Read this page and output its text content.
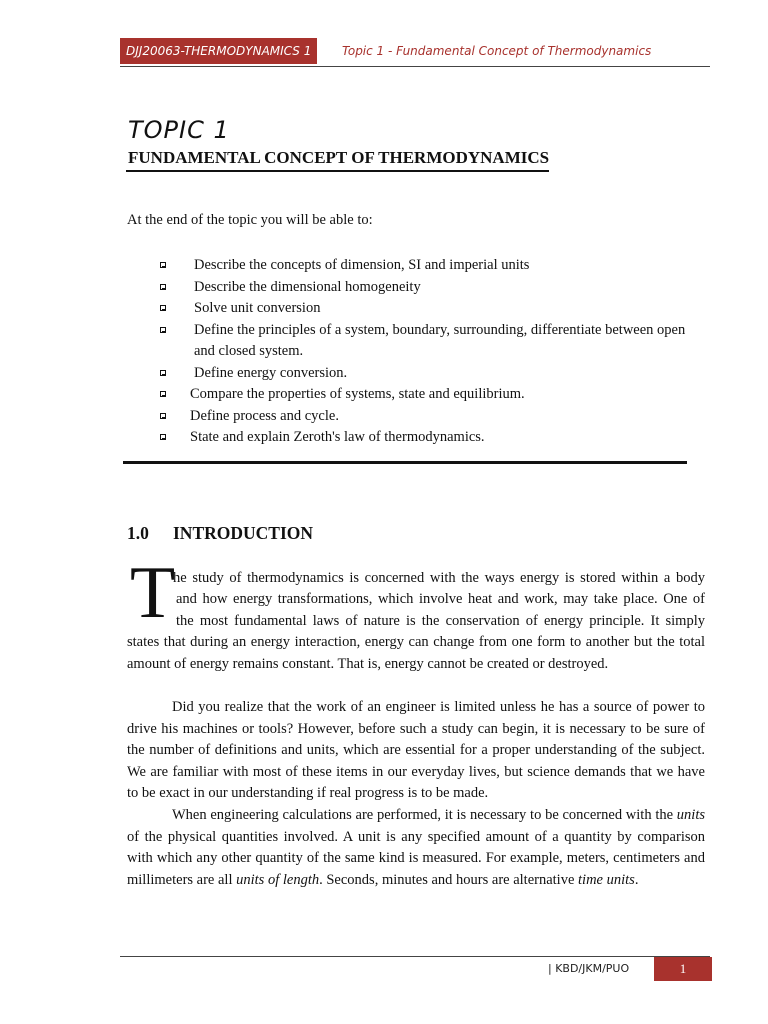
DJJ20063-THERMODYNAMICS 1	Topic 1 - Fundamental Concept of Thermodynamics
TOPIC 1
FUNDAMENTAL CONCEPT OF THERMODYNAMICS
At the end of the topic you will be able to:
Describe the concepts of dimension, SI and imperial units
Describe the dimensional homogeneity
Solve unit conversion
Define the principles of a system, boundary, surrounding, differentiate between open and closed system.
Define energy conversion.
Compare the properties of systems, state and equilibrium.
Define process and cycle.
State and explain Zeroth's law of thermodynamics.
1.0 INTRODUCTION
T
he study of thermodynamics is concerned with the ways energy is stored within a body
and how energy transformations, which involve heat and work, may take place. One of
the most fundamental laws of nature is the conservation of energy principle. It simply

states that during an energy interaction, energy can change from one form to another but the total amount of energy remains constant. That is, energy cannot be created or destroyed.

Did you realize that the work of an engineer is limited unless he has a source of power to drive his machines or tools? However, before such a study can begin, it is necessary to be sure of the number of definitions and units, which are essential for a proper understanding of the subject. We are familiar with most of these items in our everyday lives, but science demands that we have to be exact in our understanding if real progress is to be made.

When engineering calculations are performed, it is necessary to be concerned with the units of the physical quantities involved. A unit is any specified amount of a quantity by comparison with which any other quantity of the same kind is measured. For example, meters, centimeters and millimeters are all units of length. Seconds, minutes and hours are alternative time units.

| KBD/JKM/PUO	1
